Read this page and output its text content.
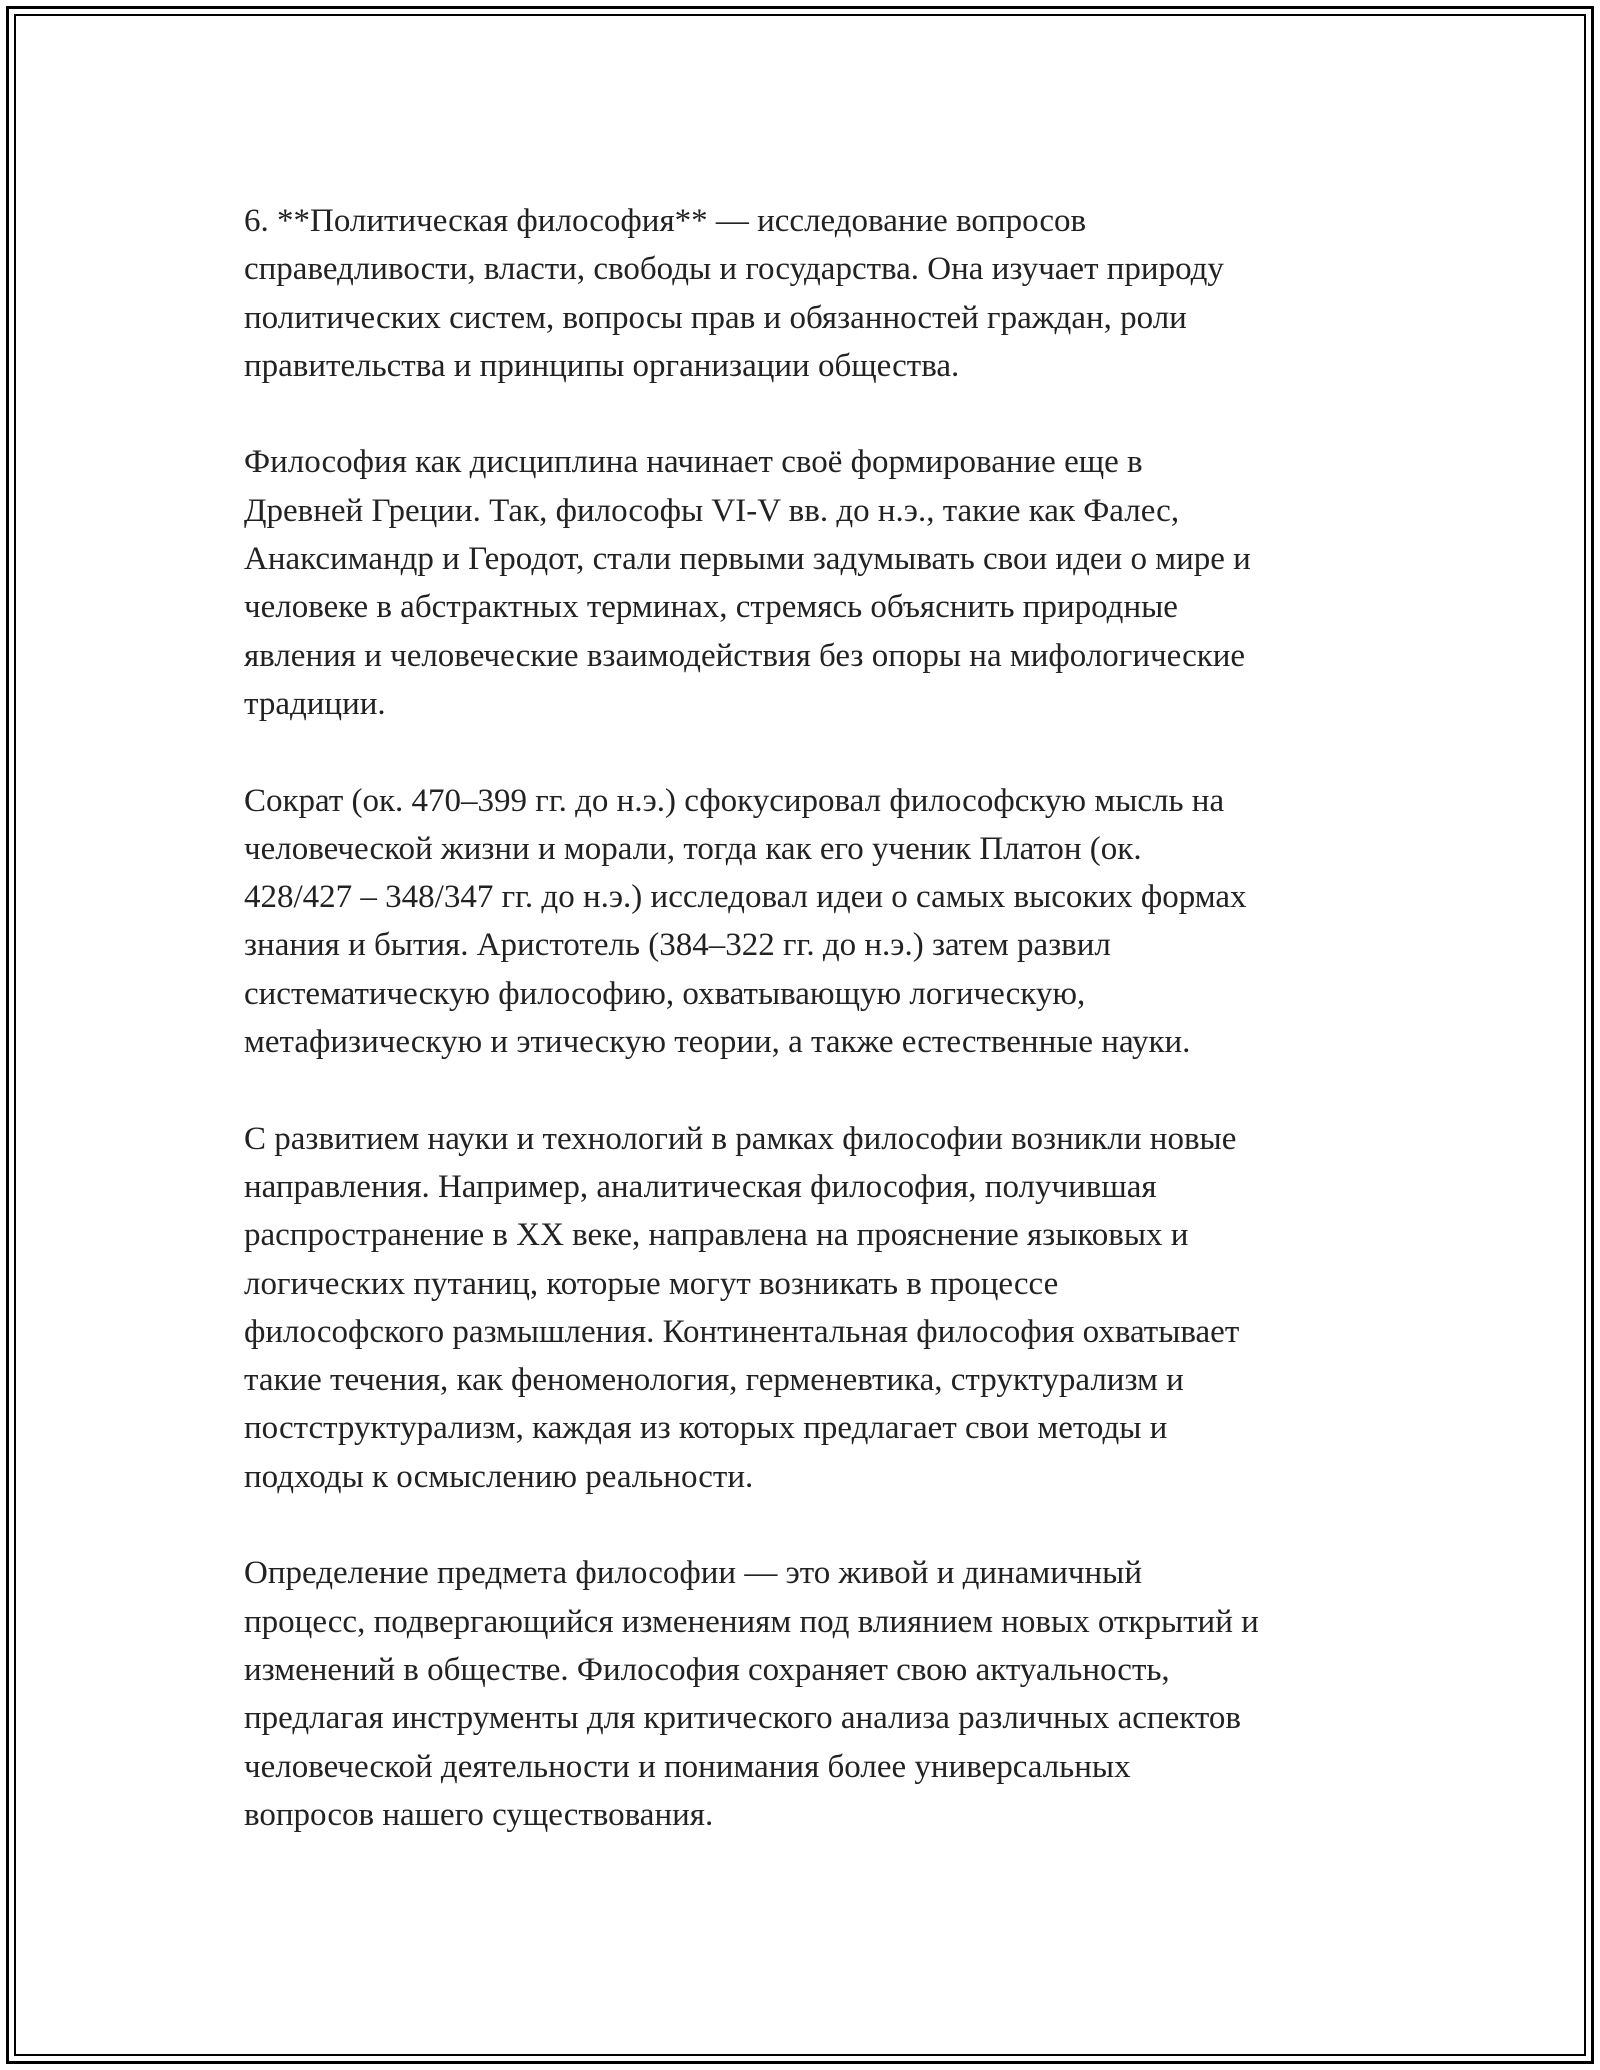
6. **Политическая философия** — исследование вопросов
справедливости, власти, свободы и государства. Она изучает природу
политических систем, вопросы прав и обязанностей граждан, роли
правительства и принципы организации общества.

Философия как дисциплина начинает своё формирование еще в
Древней Греции. Так, философы VI-V вв. до н.э., такие как Фалес,
Анаксимандр и Геродот, стали первыми задумывать свои идеи о мире и
человеке в абстрактных терминах, стремясь объяснить природные
явления и человеческие взаимодействия без опоры на мифологические
традиции.

Сократ (ок. 470–399 гг. до н.э.) сфокусировал философскую мысль на
человеческой жизни и морали, тогда как его ученик Платон (ок.
428/427 – 348/347 гг. до н.э.) исследовал идеи о самых высоких формах
знания и бытия. Аристотель (384–322 гг. до н.э.) затем развил
систематическую философию, охватывающую логическую,
метафизическую и этическую теории, а также естественные науки.

С развитием науки и технологий в рамках философии возникли новые
направления. Например, аналитическая философия, получившая
распространение в XX веке, направлена на прояснение языковых и
логических путаниц, которые могут возникать в процессе
философского размышления. Континентальная философия охватывает
такие течения, как феноменология, герменевтика, структурализм и
постструктурализм, каждая из которых предлагает свои методы и
подходы к осмыслению реальности.

Определение предмета философии — это живой и динамичный
процесс, подвергающийся изменениям под влиянием новых открытий и
изменений в обществе. Философия сохраняет свою актуальность,
предлагая инструменты для критического анализа различных аспектов
человеческой деятельности и понимания более универсальных
вопросов нашего существования.
